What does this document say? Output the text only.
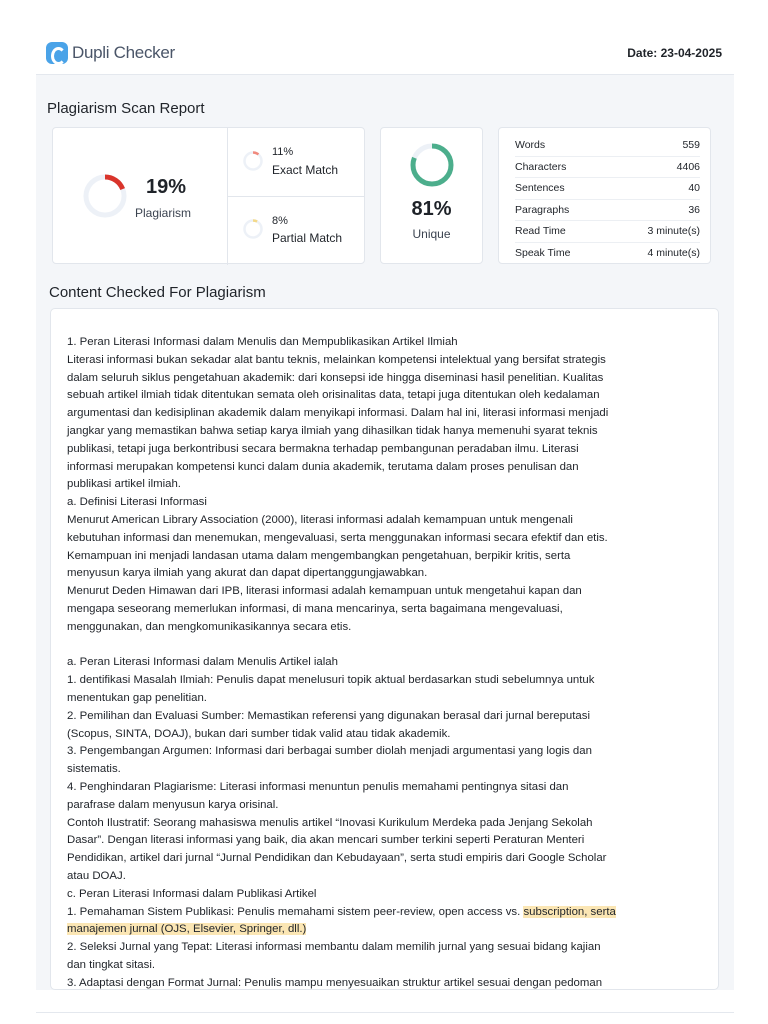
Dupli Checker	Date: 23-04-2025
Plagiarism Scan Report
19%
Plagiarism
11%
Exact Match
8%
Partial Match
81%
Unique
Words	559
Characters	4406
Sentences	40
Paragraphs	36
Read Time	3 minute(s)
Speak Time	4 minute(s)
Content Checked For Plagiarism

1. Peran Literasi Informasi dalam Menulis dan Mempublikasikan Artikel Ilmiah

Literasi informasi bukan sekadar alat bantu teknis, melainkan kompetensi intelektual yang bersifat strategis

dalam seluruh siklus pengetahuan akademik: dari konsepsi ide hingga diseminasi hasil penelitian. Kualitas

sebuah artikel ilmiah tidak ditentukan semata oleh orisinalitas data, tetapi juga ditentukan oleh kedalaman

argumentasi dan kedisiplinan akademik dalam menyikapi informasi. Dalam hal ini, literasi informasi menjadi

jangkar yang memastikan bahwa setiap karya ilmiah yang dihasilkan tidak hanya memenuhi syarat teknis

publikasi, tetapi juga berkontribusi secara bermakna terhadap pembangunan peradaban ilmu. Literasi

informasi merupakan kompetensi kunci dalam dunia akademik, terutama dalam proses penulisan dan

publikasi artikel ilmiah.

a. Definisi Literasi Informasi

Menurut American Library Association (2000), literasi informasi adalah kemampuan untuk mengenali

kebutuhan informasi dan menemukan, mengevaluasi, serta menggunakan informasi secara efektif dan etis.

Kemampuan ini menjadi landasan utama dalam mengembangkan pengetahuan, berpikir kritis, serta

menyusun karya ilmiah yang akurat dan dapat dipertanggungjawabkan.

Menurut Deden Himawan dari IPB, literasi informasi adalah kemampuan untuk mengetahui kapan dan

mengapa seseorang memerlukan informasi, di mana mencarinya, serta bagaimana mengevaluasi,

menggunakan, dan mengkomunikasikannya secara etis.

a. Peran Literasi Informasi dalam Menulis Artikel ialah

1. dentifikasi Masalah Ilmiah: Penulis dapat menelusuri topik aktual berdasarkan studi sebelumnya untuk

menentukan gap penelitian.

2. Pemilihan dan Evaluasi Sumber: Memastikan referensi yang digunakan berasal dari jurnal bereputasi

(Scopus, SINTA, DOAJ), bukan dari sumber tidak valid atau tidak akademik.

3. Pengembangan Argumen: Informasi dari berbagai sumber diolah menjadi argumentasi yang logis dan

sistematis.

4. Penghindaran Plagiarisme: Literasi informasi menuntun penulis memahami pentingnya sitasi dan

parafrase dalam menyusun karya orisinal.

Contoh Ilustratif: Seorang mahasiswa menulis artikel “Inovasi Kurikulum Merdeka pada Jenjang Sekolah

Dasar”. Dengan literasi informasi yang baik, dia akan mencari sumber terkini seperti Peraturan Menteri

Pendidikan, artikel dari jurnal “Jurnal Pendidikan dan Kebudayaan”, serta studi empiris dari Google Scholar

atau DOAJ.

c. Peran Literasi Informasi dalam Publikasi Artikel

1. Pemahaman Sistem Publikasi: Penulis memahami sistem peer-review, open access vs. subscription, serta

manajemen jurnal (OJS, Elsevier, Springer, dll.)

2. Seleksi Jurnal yang Tepat: Literasi informasi membantu dalam memilih jurnal yang sesuai bidang kajian

dan tingkat sitasi.

3. Adaptasi dengan Format Jurnal: Penulis mampu menyesuaikan struktur artikel sesuai dengan pedoman
